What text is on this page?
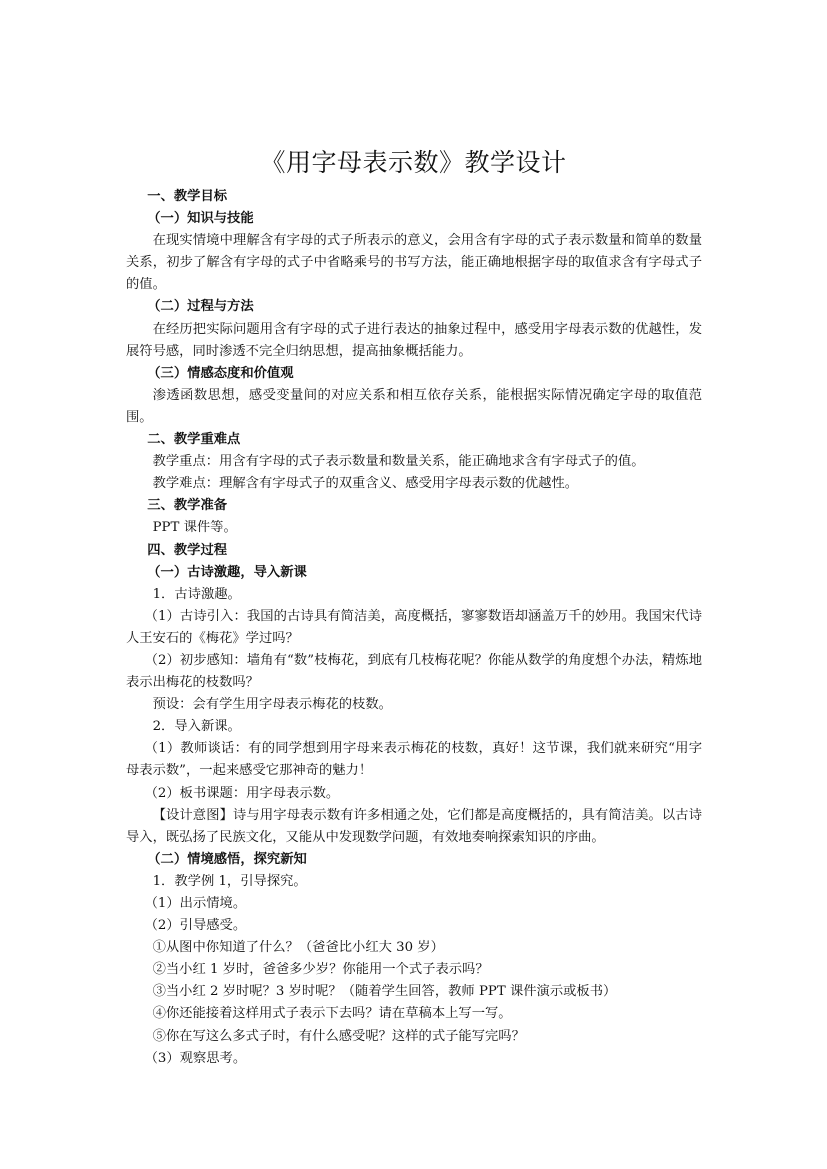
《用字母表示数》教学设计

一、教学目标

（一）知识与技能

在现实情境中理解含有字母的式子所表示的意义，会用含有字母的式子表示数量和简单的数量关系，初步了解含有字母的式子中省略乘号的书写方法，能正确地根据字母的取值求含有字母式子的值。

（二）过程与方法

在经历把实际问题用含有字母的式子进行表达的抽象过程中，感受用字母表示数的优越性，发展符号感，同时渗透不完全归纳思想，提高抽象概括能力。

（三）情感态度和价值观

渗透函数思想，感受变量间的对应关系和相互依存关系，能根据实际情况确定字母的取值范围。

二、教学重难点

教学重点：用含有字母的式子表示数量和数量关系，能正确地求含有字母式子的值。

教学难点：理解含有字母式子的双重含义、感受用字母表示数的优越性。

三、教学准备

PPT 课件等。

四、教学过程

（一）古诗激趣，导入新课

1．古诗激趣。

（1）古诗引入：我国的古诗具有简洁美，高度概括，寥寥数语却涵盖万千的妙用。我国宋代诗人王安石的《梅花》学过吗？

（2）初步感知：墙角有“数”枝梅花，到底有几枝梅花呢？你能从数学的角度想个办法，精炼地表示出梅花的枝数吗？

预设：会有学生用字母表示梅花的枝数。

2．导入新课。

（1）教师谈话：有的同学想到用字母来表示梅花的枝数，真好！这节课，我们就来研究“用字母表示数”，一起来感受它那神奇的魅力！

（2）板书课题：用字母表示数。

【设计意图】诗与用字母表示数有许多相通之处，它们都是高度概括的，具有简洁美。以古诗导入，既弘扬了民族文化，又能从中发现数学问题，有效地奏响探索知识的序曲。

（二）情境感悟，探究新知

1．教学例 1，引导探究。

（1）出示情境。

（2）引导感受。

①从图中你知道了什么？（爸爸比小红大 30 岁）

②当小红 1 岁时，爸爸多少岁？你能用一个式子表示吗？

③当小红 2 岁时呢？3 岁时呢？（随着学生回答，教师 PPT 课件演示或板书）

④你还能接着这样用式子表示下去吗？请在草稿本上写一写。

⑤你在写这么多式子时，有什么感受呢？这样的式子能写完吗？

（3）观察思考。
